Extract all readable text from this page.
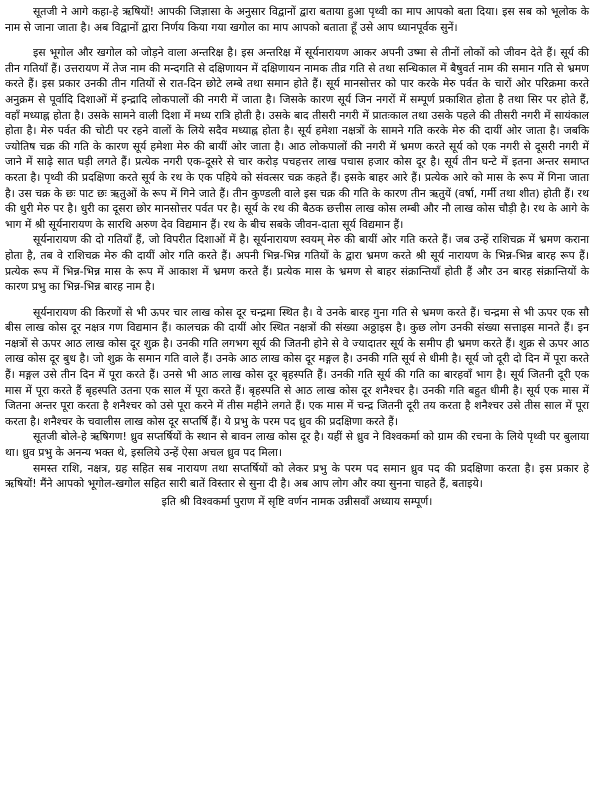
सूतजी ने आगे कहा-हे ऋषियों! आपकी जिज्ञासा के अनुसार विद्वानों द्वारा बताया हुआ पृथ्वी का माप आपको बता दिया। इस सब को भूलोक के नाम से जाना जाता है। अब विद्वानों द्वारा निर्णय किया गया खगोल का माप आपको बताता हूँ उसे आप ध्यानपूर्वक सुनें।

इस भूगोल और खगोल को जोड़ने वाला अन्तरिक्ष है। इस अन्तरिक्ष में सूर्यनारायण आकर अपनी उष्मा से तीनों लोकों को जीवन देते हैं। सूर्य की तीन गतियाँ हैं। उत्तरायण में तेज नाम की मन्दगति से दक्षिणायन में दक्षिणायन नामक तीव्र गति से तथा सन्धिकाल में बैषुवर्त नाम की समान गति से भ्रमण करते हैं। इस प्रकार उनकी तीन गतियों से रात-दिन छोटे लम्बे तथा समान होते हैं। सूर्य मानसोत्तर को पार करके मेरु पर्वत के चारों ओर परिक्रमा करते अनुक्रम से पूर्वादि दिशाओं में इन्द्रादि लोकपालों की नगरी में जाता है। जिसके कारण सूर्य जिन नगरों में सम्पूर्ण प्रकाशित होता है तथा सिर पर होते हैं, वहाँ मध्याह्न होता है। उसके सामने वाली दिशा में मध्य रात्रि होती है। उसके बाद तीसरी नगरी में प्रातःकाल तथा उसके पहले की तीसरी नगरी में सायंकाल होता है। मेरु पर्वत की चोटी पर रहने वालों के लिये सदैव मध्याह्न होता है। सूर्य हमेशा नक्षत्रों के सामने गति करके मेरु की दायीं ओर जाता है। जबकि ज्योतिष चक्र की गति के कारण सूर्य हमेशा मेरु की बायीं ओर जाता है। आठ लोकपालों की नगरी में भ्रमण करते सूर्य को एक नगरी से दूसरी नगरी में जाने में साढ़े सात घड़ी लगते हैं। प्रत्येक नगरी एक-दूसरे से चार करोड़ पचहत्तर लाख पचास हजार कोस दूर है। सूर्य तीन घन्टे में इतना अन्तर समाप्त करता है। पृथ्वी की प्रदक्षिणा करते सूर्य के रथ के एक पहिये को संवत्सर चक्र कहते हैं। इसके बाहर आरे हैं। प्रत्येक आरे को मास के रूप में गिना जाता है। उस चक्र के छः पाट छः ऋतुओं के रूप में गिने जाते हैं। तीन कुण्डली वाले इस चक्र की गति के कारण तीन ऋतुयें (वर्षा, गर्मी तथा शीत) होती हैं। रथ की धुरी मेरु पर है। धुरी का दूसरा छोर मानसोत्तर पर्वत पर है। सूर्य के रथ की बैठक छत्तीस लाख कोस लम्बी और नौ लाख कोस चौड़ी है। रथ के आगे के भाग में श्री सूर्यनारायण के सारथि अरुण देव विद्यमान हैं। रथ के बीच सबके जीवन-दाता सूर्य विद्यमान हैं।

सूर्यनारायण की दो गतियाँ हैं, जो विपरीत दिशाओं में है। सूर्यनारायण स्वयम् मेरु की बायीं ओर गति करते हैं। जब उन्हें राशिचक्र में भ्रमण कराना होता है, तब वे राशिचक्र मेरु की दायीं ओर गति करते हैं। अपनी भिन्न-भिन्न गतियों के द्वारा भ्रमण करते श्री सूर्य नारायण के भिन्न-भिन्न बारह रूप हैं। प्रत्येक रूप में भिन्न-भिन्न मास के रूप में आकाश में भ्रमण करते हैं। प्रत्येक मास के भ्रमण से बाहर संक्रान्तियाँ होती हैं और उन बारह संक्रान्तियों के कारण प्रभु का भिन्न-भिन्न बारह नाम है।

सूर्यनारायण की किरणों से भी ऊपर चार लाख कोस दूर चन्द्रमा स्थित है। वे उनके बारह गुना गति से भ्रमण करते हैं। चन्द्रमा से भी ऊपर एक सौ बीस लाख कोस दूर नक्षत्र गण विद्यमान हैं। कालचक्र की दायीं ओर स्थित नक्षत्रों की संख्या अठ्ठाइस है। कुछ लोग उनकी संख्या सत्ताइस मानते हैं। इन नक्षत्रों से ऊपर आठ लाख कोस दूर शुक्र है। उनकी गति लगभग सूर्य की जितनी होने से वे ज्यादातर सूर्य के समीप ही भ्रमण करते हैं। शुक्र से ऊपर आठ लाख कोस दूर बुध है। जो शुक्र के समान गति वाले हैं। उनके आठ लाख कोस दूर मङ्गल है। उनकी गति सूर्य से धीमी है। सूर्य जो दूरी दो दिन में पूरा करते हैं। मङ्गल उसे तीन दिन में पूरा करते हैं। उनसे भी आठ लाख कोस दूर बृहस्पति हैं। उनकी गति सूर्य की गति का बारहवाँ भाग है। सूर्य जितनी दूरी एक मास में पूरा करते हैं बृहस्पति उतना एक साल में पूरा करते हैं। बृहस्पति से आठ लाख कोस दूर शनैश्चर है। उनकी गति बहुत धीमी है। सूर्य एक मास में जितना अन्तर पूरा करता है शनैश्चर को उसे पूरा करने में तीस महीने लगते हैं। एक मास में चन्द्र जितनी दूरी तय करता है शनैश्चर उसे तीस साल में पूरा करता है। शनैश्चर के चवालीस लाख कोस दूर सप्तर्षि हैं। ये प्रभु के परम पद ध्रुव की प्रदक्षिणा करते हैं।

सूतजी बोले-हे ऋषिगण! ध्रुव सप्तर्षियों के स्थान से बावन लाख कोस दूर है। यहीं से ध्रुव ने विश्वकर्मा को ग्राम की रचना के लिये पृथ्वी पर बुलाया था। ध्रुव प्रभु के अनन्य भक्त थे, इसलिये उन्हें ऐसा अचल ध्रुव पद मिला।

समस्त राशि, नक्षत्र, ग्रह सहित सब नारायण तथा सप्तर्षियों को लेकर प्रभु के परम पद समान ध्रुव पद की प्रदक्षिणा करता है। इस प्रकार हे ऋषियों! मैंने आपको भूगोल-खगोल सहित सारी बातें विस्तार से सुना दी है। अब आप लोग और क्या सुनना चाहते हैं, बताइये।

इति श्री विश्वकर्मा पुराण में सृष्टि वर्णन नामक उन्नीसवाँ अध्याय सम्पूर्ण।
